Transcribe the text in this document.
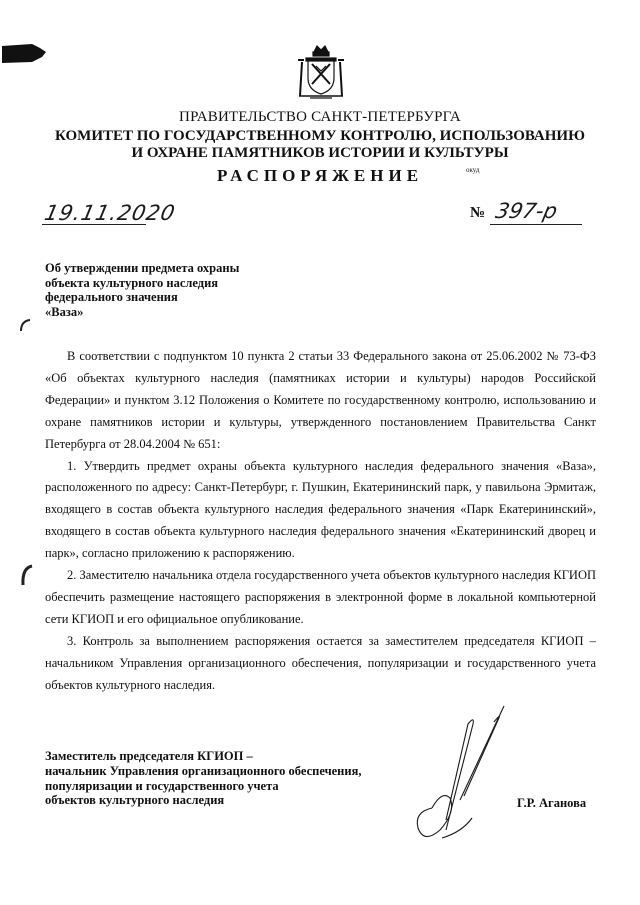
ПРАВИТЕЛЬСТВО САНКТ-ПЕТЕРБУРГА
КОМИТЕТ ПО ГОСУДАРСТВЕННОМУ КОНТРОЛЮ, ИСПОЛЬЗОВАНИЮ
И ОХРАНЕ ПАМЯТНИКОВ ИСТОРИИ И КУЛЬТУРЫ
РАСПОРЯЖЕНИЕ	окуд
19.11.2020	№ 397-р
Об утверждении предмета охраны
объекта культурного наследия
федерального значения
«Ваза»

В соответствии с подпунктом 10 пункта 2 статьи 33 Федерального закона от 25.06.2002 № 73-ФЗ «Об объектах культурного наследия (памятниках истории и культуры) народов Российской Федерации» и пунктом 3.12 Положения о Комитете по государственному контролю, использованию и охране памятников истории и культуры, утвержденного постановлением Правительства Санкт Петербурга от 28.04.2004 № 651:

1. Утвердить предмет охраны объекта культурного наследия федерального значения «Ваза», расположенного по адресу: Санкт-Петербург, г. Пушкин, Екатерининский парк, у павильона Эрмитаж, входящего в состав объекта культурного наследия федерального значения «Парк Екатерининский», входящего в состав объекта культурного наследия федерального значения «Екатерининский дворец и парк», согласно приложению к распоряжению.

2. Заместителю начальника отдела государственного учета объектов культурного наследия КГИОП обеспечить размещение настоящего распоряжения в электронной форме в локальной компьютерной сети КГИОП и его официальное опубликование.

3. Контроль за выполнением распоряжения остается за заместителем председателя КГИОП – начальником Управления организационного обеспечения, популяризации и государственного учета объектов культурного наследия.

Заместитель председателя КГИОП –
начальник Управления организационного обеспечения,
популяризации и государственного учета
объектов культурного наследия	Г.Р. Аганова
